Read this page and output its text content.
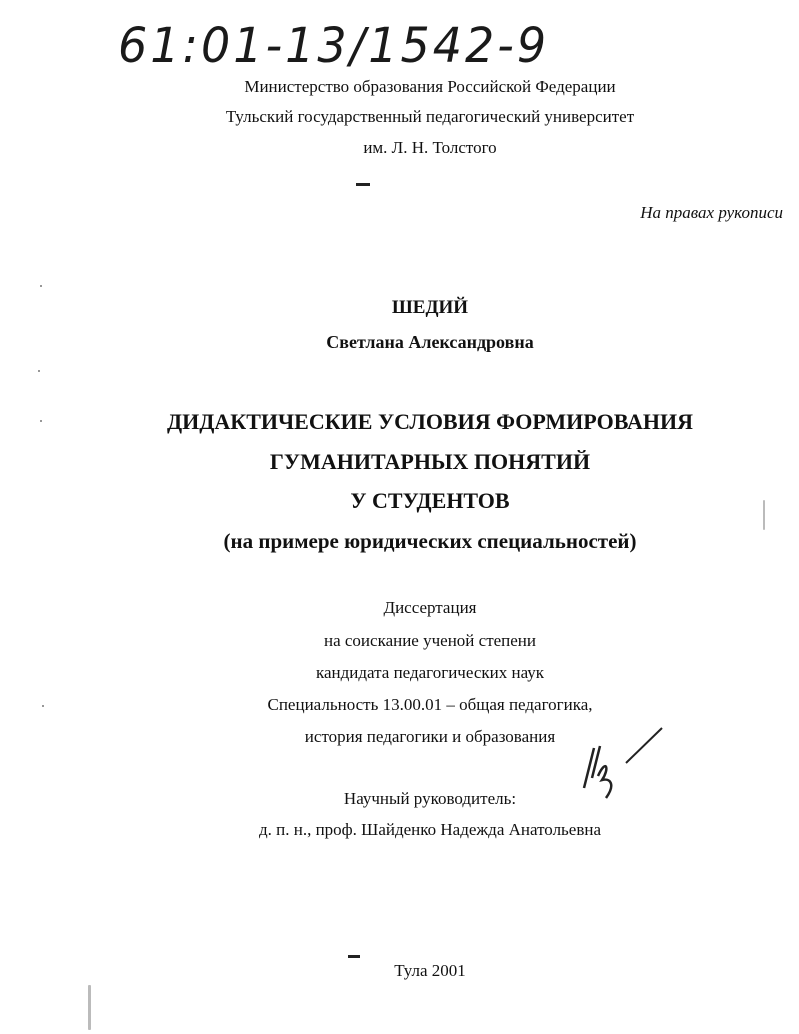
61:01-13/1542-9
Министерство образования Российской Федерации
Тульский государственный педагогический университет
им. Л. Н. Толстого
На правах рукописи
ШЕДИЙ
Светлана Александровна
ДИДАКТИЧЕСКИЕ УСЛОВИЯ ФОРМИРОВАНИЯ
ГУМАНИТАРНЫХ ПОНЯТИЙ
У СТУДЕНТОВ
(на примере юридических специальностей)
Диссертация
на соискание ученой степени
кандидата педагогических наук
Специальность 13.00.01 – общая педагогика,
история педагогики и образования
Научный руководитель:
д. п. н., проф. Шайденко Надежда Анатольевна
Тула 2001
